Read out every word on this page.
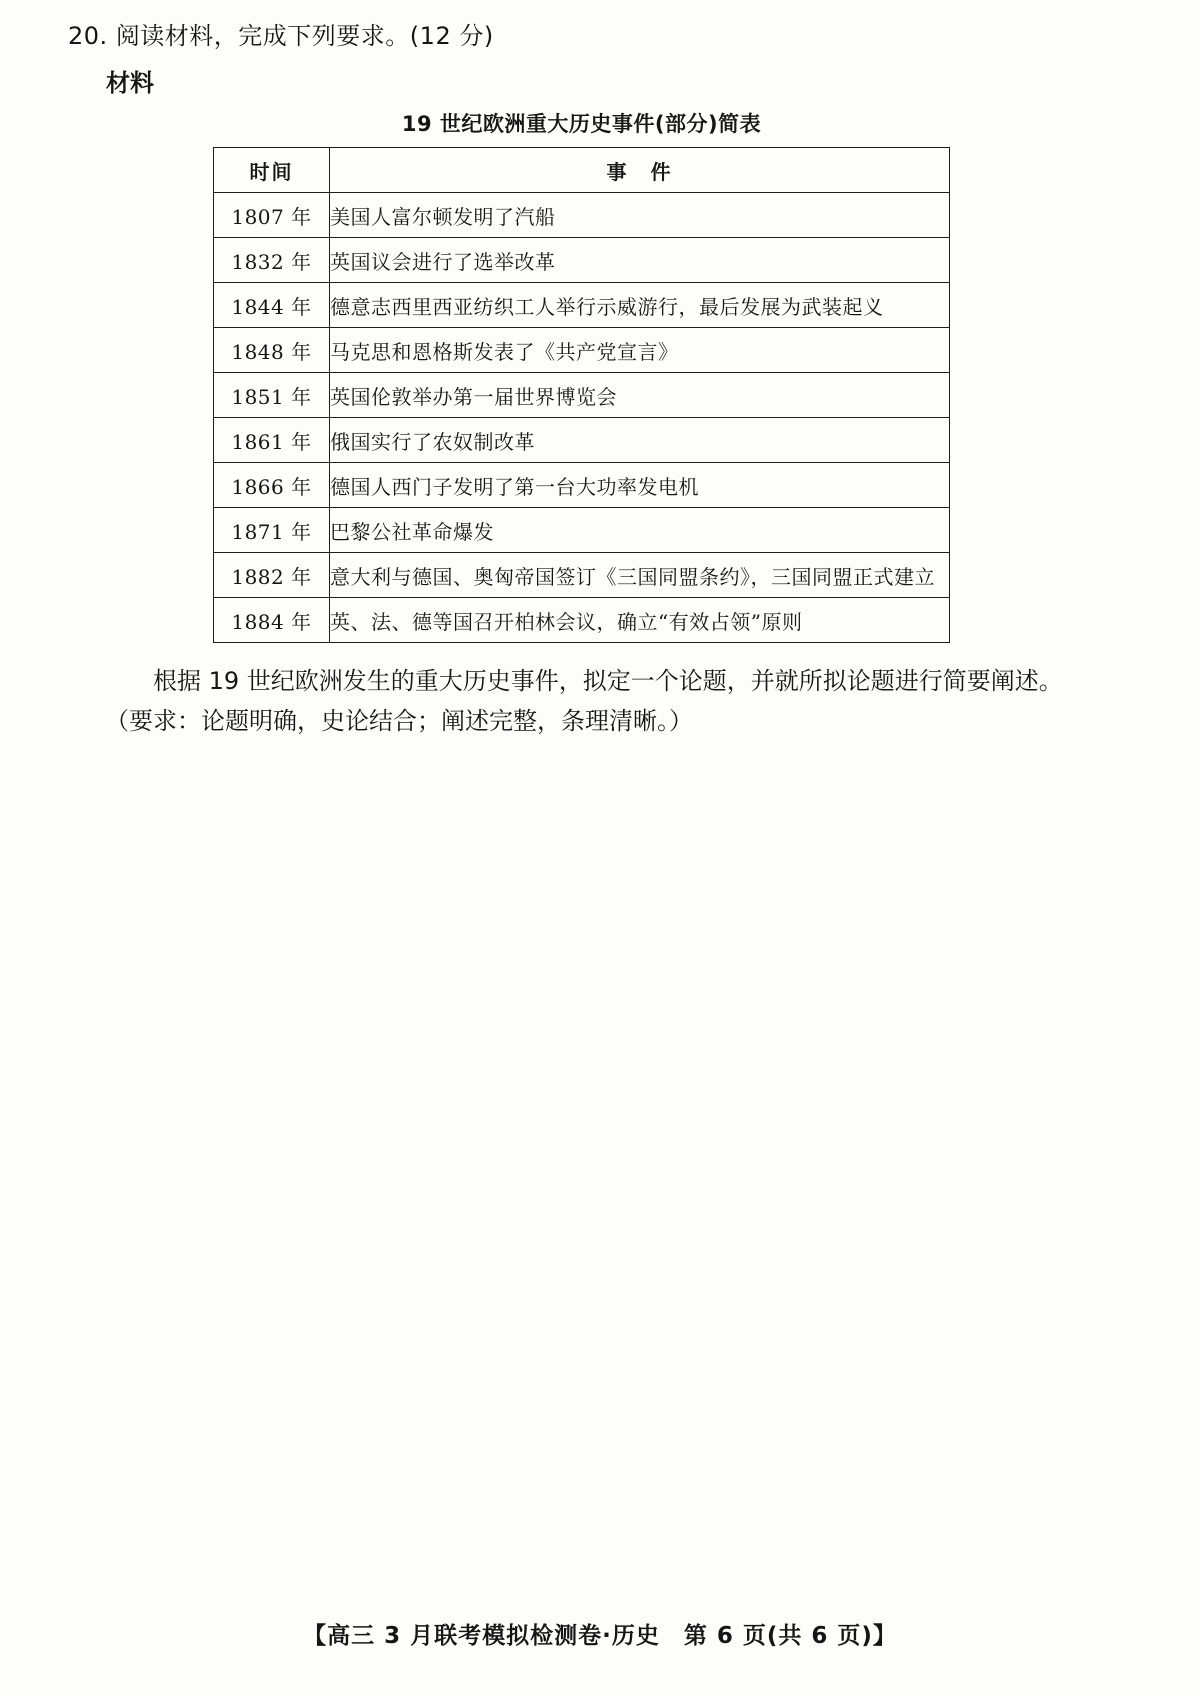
20. 阅读材料，完成下列要求。(12 分)
材料
19 世纪欧洲重大历史事件(部分)简表
时间	事　件
1807 年	美国人富尔顿发明了汽船
1832 年	英国议会进行了选举改革
1844 年	德意志西里西亚纺织工人举行示威游行，最后发展为武装起义
1848 年	马克思和恩格斯发表了《共产党宣言》
1851 年	英国伦敦举办第一届世界博览会
1861 年	俄国实行了农奴制改革
1866 年	德国人西门子发明了第一台大功率发电机
1871 年	巴黎公社革命爆发
1882 年	意大利与德国、奥匈帝国签订《三国同盟条约》，三国同盟正式建立
1884 年	英、法、德等国召开柏林会议，确立“有效占领”原则
根据 19 世纪欧洲发生的重大历史事件，拟定一个论题，并就所拟论题进行简要阐述。
（要求：论题明确，史论结合；阐述完整，条理清晰。）
【高三 3 月联考模拟检测卷·历史　第 6 页(共 6 页)】
